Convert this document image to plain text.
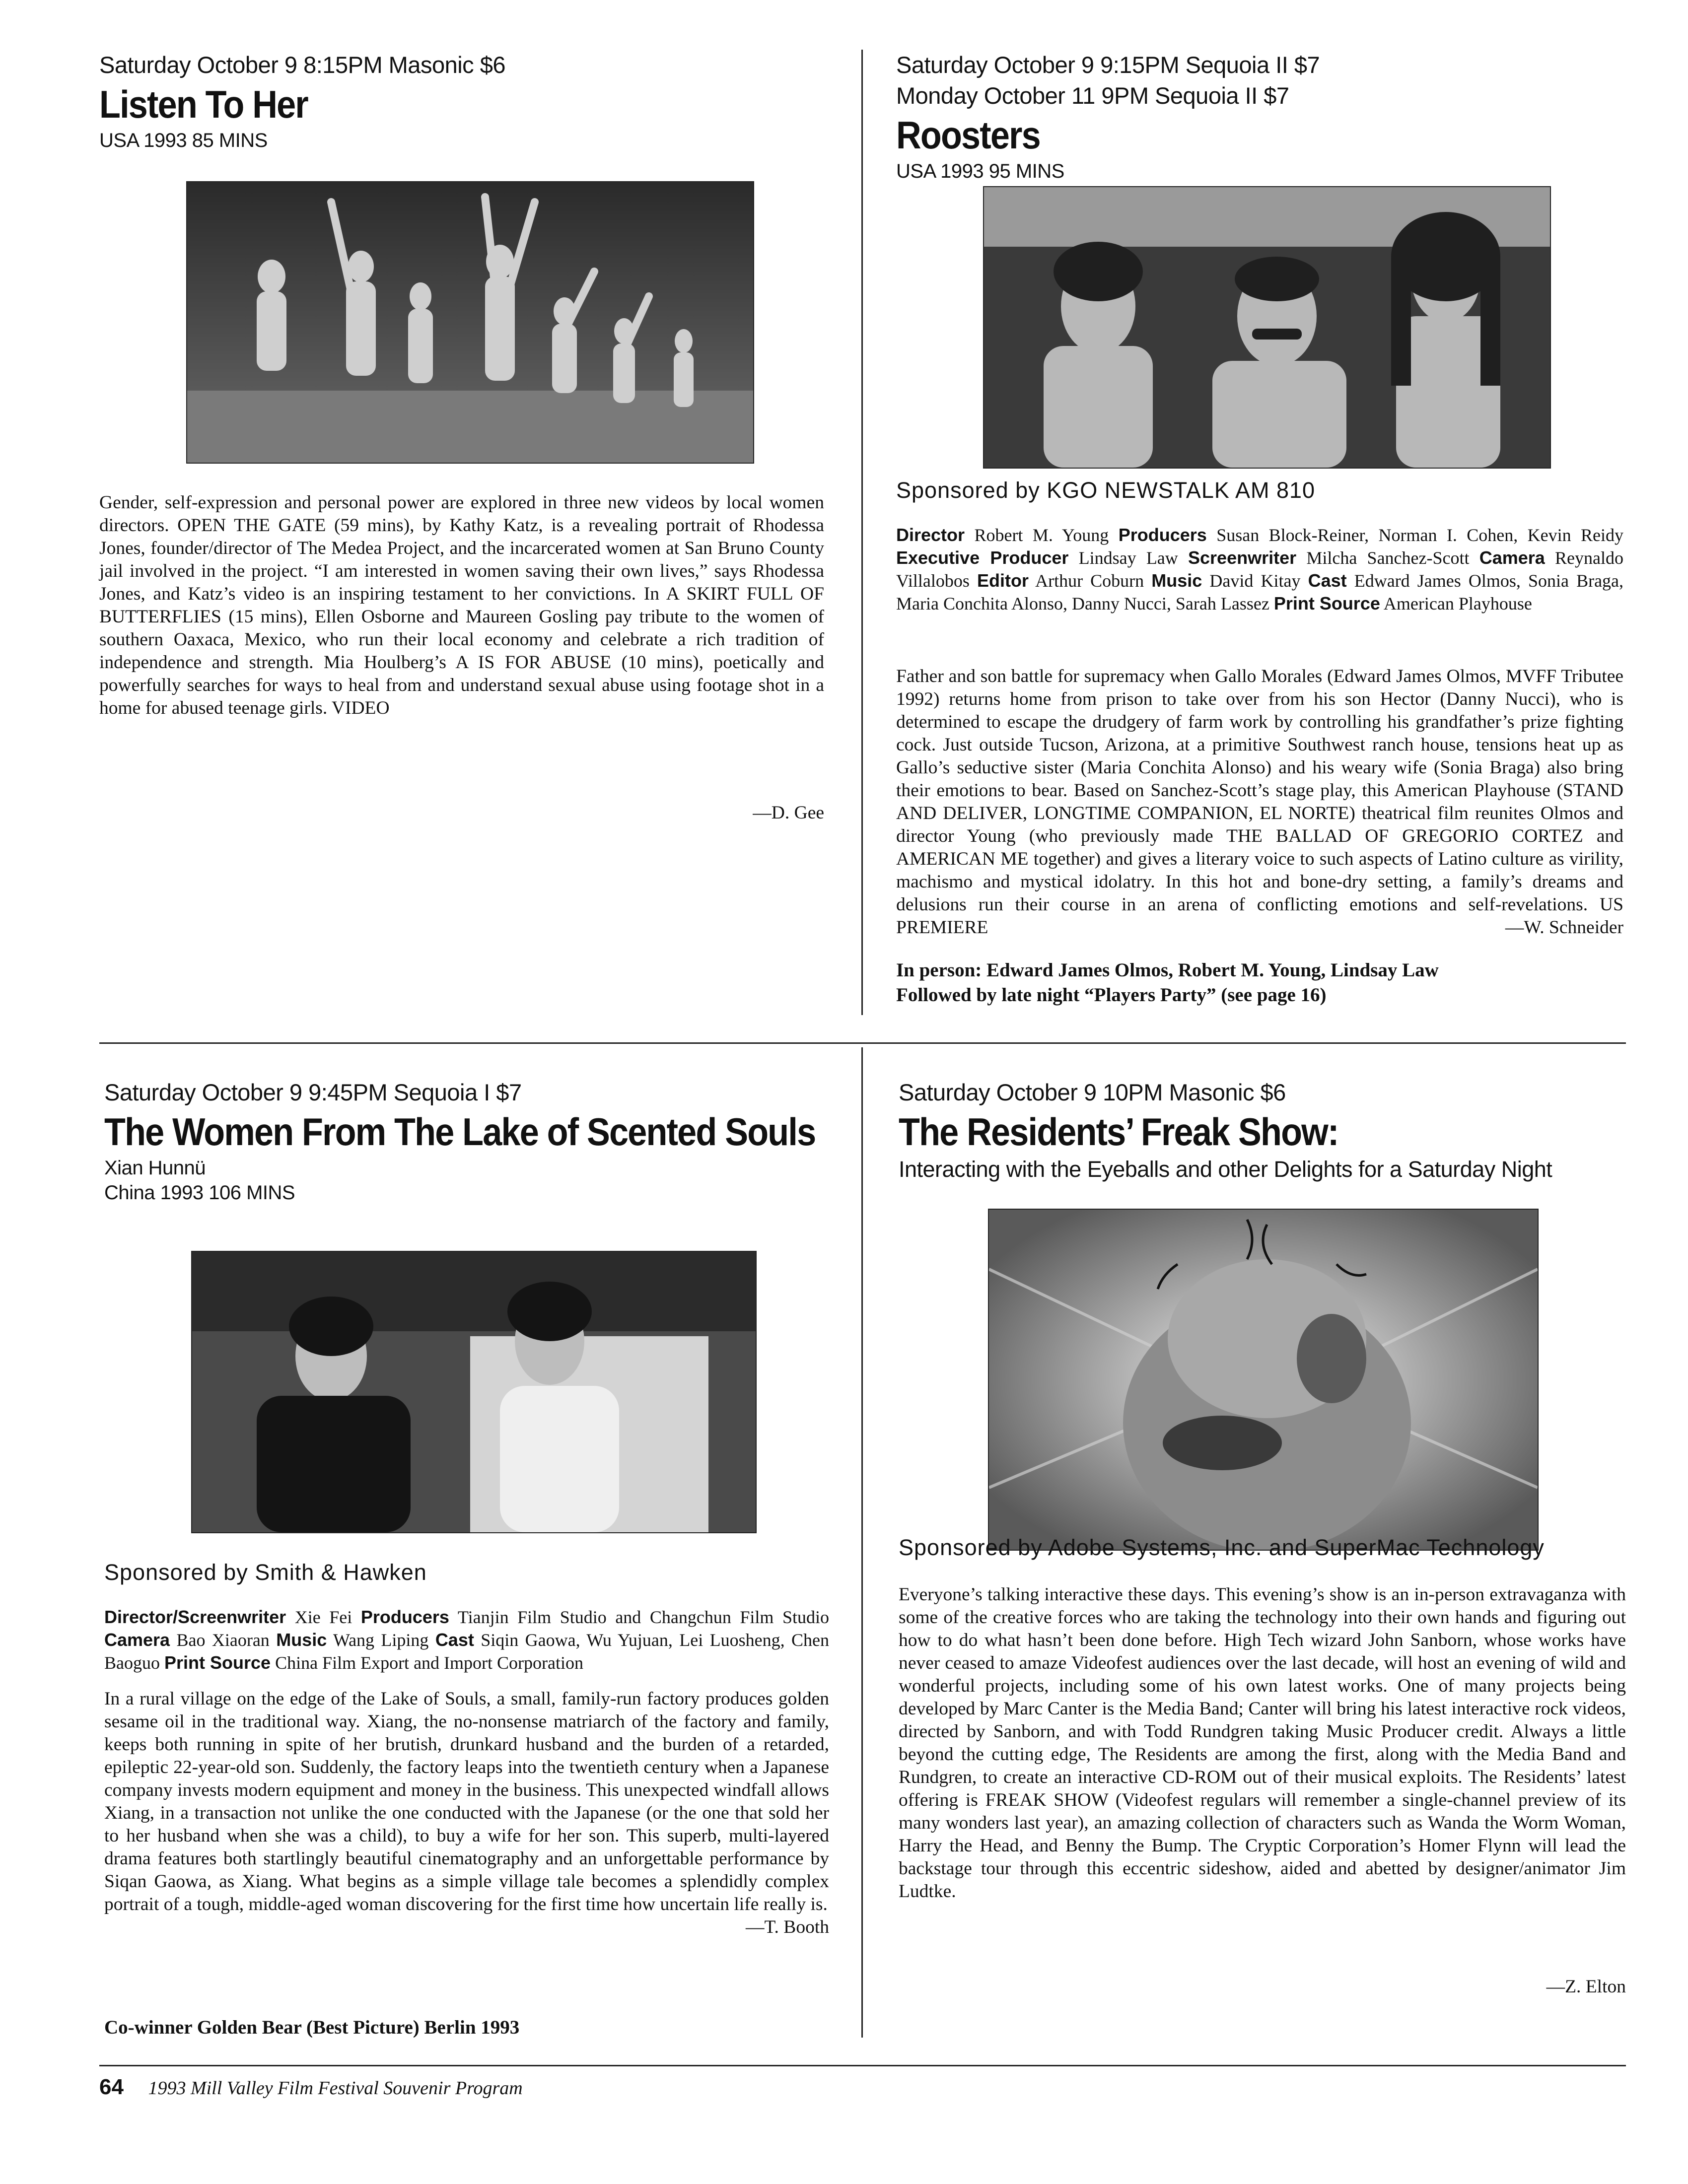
Saturday October 9 8:15PM Masonic $6
Listen To Her
USA 1993 85 MINS
Gender, self-expression and personal power are explored in three new videos by local women directors. OPEN THE GATE (59 mins), by Kathy Katz, is a revealing portrait of Rhodessa Jones, founder/director of The Medea Project, and the incarcerated women at San Bruno County jail involved in the project. “I am interested in women saving their own lives,” says Rhodessa Jones, and Katz’s video is an inspiring testament to her convictions. In A SKIRT FULL OF BUTTERFLIES (15 mins), Ellen Osborne and Maureen Gosling pay tribute to the women of southern Oaxaca, Mexico, who run their local economy and celebrate a rich tradition of independence and strength. Mia Houlberg’s A IS FOR ABUSE (10 mins), poetically and powerfully searches for ways to heal from and understand sexual abuse using footage shot in a home for abused teenage girls. VIDEO
—D. Gee
Saturday October 9 9:15PM Sequoia II $7
Monday October 11 9PM Sequoia II $7
Roosters
USA 1993 95 MINS
Sponsored by KGO NEWSTALK AM 810
Director Robert M. Young Producers Susan Block-Reiner, Norman I. Cohen, Kevin Reidy Executive Producer Lindsay Law Screenwriter Milcha Sanchez-Scott Camera Reynaldo Villalobos Editor Arthur Coburn Music David Kitay Cast Edward James Olmos, Sonia Braga, Maria Conchita Alonso, Danny Nucci, Sarah Lassez Print Source American Playhouse
Father and son battle for supremacy when Gallo Morales (Edward James Olmos, MVFF Tributee 1992) returns home from prison to take over from his son Hector (Danny Nucci), who is determined to escape the drudgery of farm work by controlling his grandfather’s prize fighting cock. Just outside Tucson, Arizona, at a primitive Southwest ranch house, tensions heat up as Gallo’s seductive sister (Maria Conchita Alonso) and his weary wife (Sonia Braga) also bring their emotions to bear. Based on Sanchez-Scott’s stage play, this American Playhouse (STAND AND DELIVER, LONGTIME COMPANION, EL NORTE) theatrical film reunites Olmos and director Young (who previously made THE BALLAD OF GREGORIO CORTEZ and AMERICAN ME together) and gives a literary voice to such aspects of Latino culture as virility, machismo and mystical idolatry. In this hot and bone-dry setting, a family’s dreams and delusions run their course in an arena of conflicting emotions and self-revelations. US PREMIERE	—W. Schneider
In person: Edward James Olmos, Robert M. Young, Lindsay Law
Followed by late night “Players Party” (see page 16)
Saturday October 9 9:45PM Sequoia I $7
The Women From The Lake of Scented Souls
Xian Hunnü
China 1993 106 MINS
Sponsored by Smith & Hawken
Director/Screenwriter Xie Fei Producers Tianjin Film Studio and Changchun Film Studio Camera Bao Xiaoran Music Wang Liping Cast Siqin Gaowa, Wu Yujuan, Lei Luosheng, Chen Baoguo Print Source China Film Export and Import Corporation
In a rural village on the edge of the Lake of Souls, a small, family-run factory produces golden sesame oil in the traditional way. Xiang, the no-nonsense matriarch of the factory and family, keeps both running in spite of her brutish, drunkard husband and the burden of a retarded, epileptic 22-year-old son. Suddenly, the factory leaps into the twentieth century when a Japanese company invests modern equipment and money in the business. This unexpected windfall allows Xiang, in a transaction not unlike the one conducted with the Japanese (or the one that sold her to her husband when she was a child), to buy a wife for her son. This superb, multi-layered drama features both startlingly beautiful cinematography and an unforgettable performance by Siqan Gaowa, as Xiang. What begins as a simple village tale becomes a splendidly complex portrait of a tough, middle-aged woman discovering for the first time how uncertain life really is.
—T. Booth
Co-winner Golden Bear (Best Picture) Berlin 1993
Saturday October 9 10PM Masonic $6
The Residents’ Freak Show:
Interacting with the Eyeballs and other Delights for a Saturday Night
Sponsored by Adobe Systems, Inc. and SuperMac Technology
Everyone’s talking interactive these days. This evening’s show is an in-person extravaganza with some of the creative forces who are taking the technology into their own hands and figuring out how to do what hasn’t been done before. High Tech wizard John Sanborn, whose works have never ceased to amaze Videofest audiences over the last decade, will host an evening of wild and wonderful projects, including some of his own latest works. One of many projects being developed by Marc Canter is the Media Band; Canter will bring his latest interactive rock videos, directed by Sanborn, and with Todd Rundgren taking Music Producer credit. Always a little beyond the cutting edge, The Residents are among the first, along with the Media Band and Rundgren, to create an interactive CD-ROM out of their musical exploits. The Residents’ latest offering is FREAK SHOW (Videofest regulars will remember a single-channel preview of its many wonders last year), an amazing collection of characters such as Wanda the Worm Woman, Harry the Head, and Benny the Bump. The Cryptic Corporation’s Homer Flynn will lead the backstage tour through this eccentric sideshow, aided and abetted by designer/animator Jim Ludtke.
—Z. Elton
64 1993 Mill Valley Film Festival Souvenir Program
